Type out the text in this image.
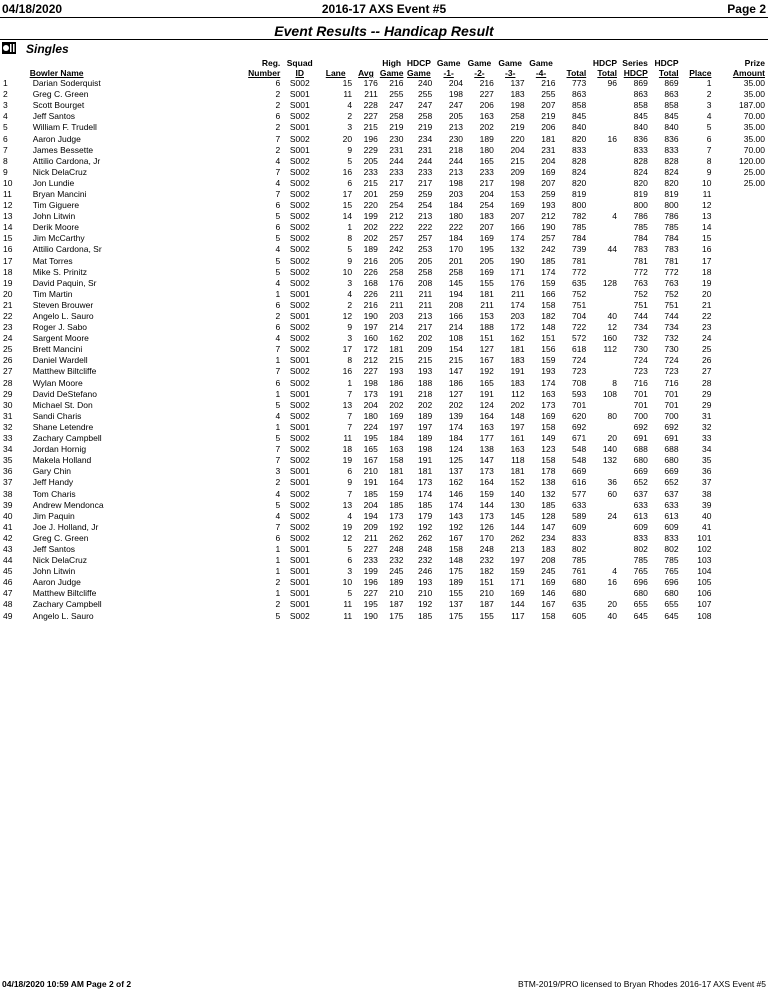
04/18/2020	2016-17 AXS Event #5	Page 2
Event Results -- Handicap Result
Singles
		Reg.	Squad			High	HDCP	Game	Game	Game	Game		HDCP	Series	HDCP		Prize
	Bowler Name	Number	ID	Lane	Avg	Game	Game	-1-	-2-	-3-	-4-	Total	Total	HDCP	Total	Place	Amount
1	Darian Soderquist	6	S002	15	176	216	240	204	216	137	216	773	96	869	869	1	35.00
2	Greg C. Green	2	S001	11	211	255	255	198	227	183	255	863		863	863	2	35.00
3	Scott Bourget	2	S001	4	228	247	247	247	206	198	207	858		858	858	3	187.00
4	Jeff Santos	6	S002	2	227	258	258	205	163	258	219	845		845	845	4	70.00
5	William F. Trudell	2	S001	3	215	219	219	213	202	219	206	840		840	840	5	35.00
6	Aaron Judge	7	S002	20	196	230	234	230	189	220	181	820	16	836	836	6	35.00
7	James Bessette	2	S001	9	229	231	231	218	180	204	231	833		833	833	7	70.00
8	Attilio Cardona, Jr	4	S002	5	205	244	244	244	165	215	204	828		828	828	8	120.00
9	Nick DelaCruz	7	S002	16	233	233	233	213	233	209	169	824		824	824	9	25.00
10	Jon Lundie	4	S002	6	215	217	217	198	217	198	207	820		820	820	10	25.00
11	Bryan Mancini	7	S002	17	201	259	259	203	204	153	259	819		819	819	11	
12	Tim Giguere	6	S002	15	220	254	254	184	254	169	193	800		800	800	12	
13	John Litwin	5	S002	14	199	212	213	180	183	207	212	782	4	786	786	13	
14	Derik Moore	6	S002	1	202	222	222	222	207	166	190	785		785	785	14	
15	Jim McCarthy	5	S002	8	202	257	257	184	169	174	257	784		784	784	15	
16	Attilio Cardona, Sr	4	S002	5	189	242	253	170	195	132	242	739	44	783	783	16	
17	Mat Torres	5	S002	9	216	205	205	201	205	190	185	781		781	781	17	
18	Mike S. Prinitz	5	S002	10	226	258	258	258	169	171	174	772		772	772	18	
19	David Paquin, Sr	4	S002	3	168	176	208	145	155	176	159	635	128	763	763	19	
20	Tim Martin	1	S001	4	226	211	211	194	181	211	166	752		752	752	20	
21	Steven Brouwer	6	S002	2	216	211	211	208	211	174	158	751		751	751	21	
22	Angelo L. Sauro	2	S001	12	190	203	213	166	153	203	182	704	40	744	744	22	
23	Roger J. Sabo	6	S002	9	197	214	217	214	188	172	148	722	12	734	734	23	
24	Sargent Moore	4	S002	3	160	162	202	108	151	162	151	572	160	732	732	24	
25	Brett Mancini	7	S002	17	172	181	209	154	127	181	156	618	112	730	730	25	
26	Daniel Wardell	1	S001	8	212	215	215	215	167	183	159	724		724	724	26	
27	Matthew Biltcliffe	7	S002	16	227	193	193	147	192	191	193	723		723	723	27	
28	Wylan Moore	6	S002	1	198	186	188	186	165	183	174	708	8	716	716	28	
29	David DeStefano	1	S001	7	173	191	218	127	191	112	163	593	108	701	701	29	
30	Michael St. Don	5	S002	13	204	202	202	202	124	202	173	701		701	701	29	
31	Sandi Charis	4	S002	7	180	169	189	139	164	148	169	620	80	700	700	31	
32	Shane Letendre	1	S001	7	224	197	197	174	163	197	158	692		692	692	32	
33	Zachary Campbell	5	S002	11	195	184	189	184	177	161	149	671	20	691	691	33	
34	Jordan Hornig	7	S002	18	165	163	198	124	138	163	123	548	140	688	688	34	
35	Makela Holland	7	S002	19	167	158	191	125	147	118	158	548	132	680	680	35	
36	Gary Chin	3	S001	6	210	181	181	137	173	181	178	669		669	669	36	
37	Jeff Handy	2	S001	9	191	164	173	162	164	152	138	616	36	652	652	37	
38	Tom Charis	4	S002	7	185	159	174	146	159	140	132	577	60	637	637	38	
39	Andrew Mendonca	5	S002	13	204	185	185	174	144	130	185	633		633	633	39	
40	Jim Paquin	4	S002	4	194	173	179	143	173	145	128	589	24	613	613	40	
41	Joe J. Holland, Jr	7	S002	19	209	192	192	192	126	144	147	609		609	609	41	
42	Greg C. Green	6	S002	12	211	262	262	167	170	262	234	833		833	833	101	
43	Jeff Santos	1	S001	5	227	248	248	158	248	213	183	802		802	802	102	
44	Nick DelaCruz	1	S001	6	233	232	232	148	232	197	208	785		785	785	103	
45	John Litwin	1	S001	3	199	245	246	175	182	159	245	761	4	765	765	104	
46	Aaron Judge	2	S001	10	196	189	193	189	151	171	169	680	16	696	696	105	
47	Matthew Biltcliffe	1	S001	5	227	210	210	155	210	169	146	680		680	680	106	
48	Zachary Campbell	2	S001	11	195	187	192	137	187	144	167	635	20	655	655	107	
49	Angelo L. Sauro	5	S002	11	190	175	185	175	155	117	158	605	40	645	645	108	
04/18/2020 10:59 AM Page 2 of 2	BTM-2019/PRO licensed to Bryan Rhodes 2016-17 AXS Event #5
